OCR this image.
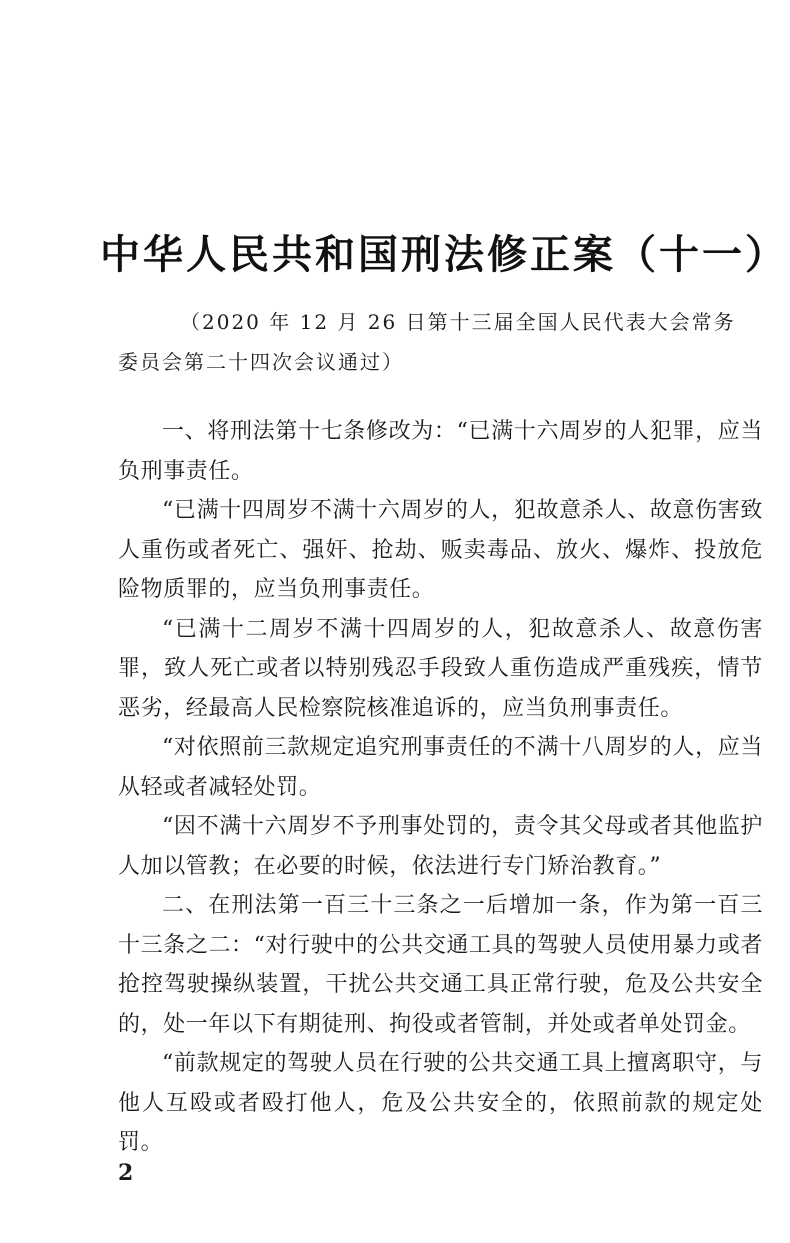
中华人民共和国刑法修正案（十一）

（2020 年 12 月 26 日第十三届全国人民代表大会常务委员会第二十四次会议通过）

一、将刑法第十七条修改为：“已满十六周岁的人犯罪，应当负刑事责任。

“已满十四周岁不满十六周岁的人，犯故意杀人、故意伤害致人重伤或者死亡、强奸、抢劫、贩卖毒品、放火、爆炸、投放危险物质罪的，应当负刑事责任。

“已满十二周岁不满十四周岁的人，犯故意杀人、故意伤害罪，致人死亡或者以特别残忍手段致人重伤造成严重残疾，情节恶劣，经最高人民检察院核准追诉的，应当负刑事责任。

“对依照前三款规定追究刑事责任的不满十八周岁的人，应当从轻或者减轻处罚。

“因不满十六周岁不予刑事处罚的，责令其父母或者其他监护人加以管教；在必要的时候，依法进行专门矫治教育。”

二、在刑法第一百三十三条之一后增加一条，作为第一百三十三条之二：“对行驶中的公共交通工具的驾驶人员使用暴力或者抢控驾驶操纵装置，干扰公共交通工具正常行驶，危及公共安全的，处一年以下有期徒刑、拘役或者管制，并处或者单处罚金。

“前款规定的驾驶人员在行驶的公共交通工具上擅离职守，与他人互殴或者殴打他人，危及公共安全的，依照前款的规定处罚。

2
